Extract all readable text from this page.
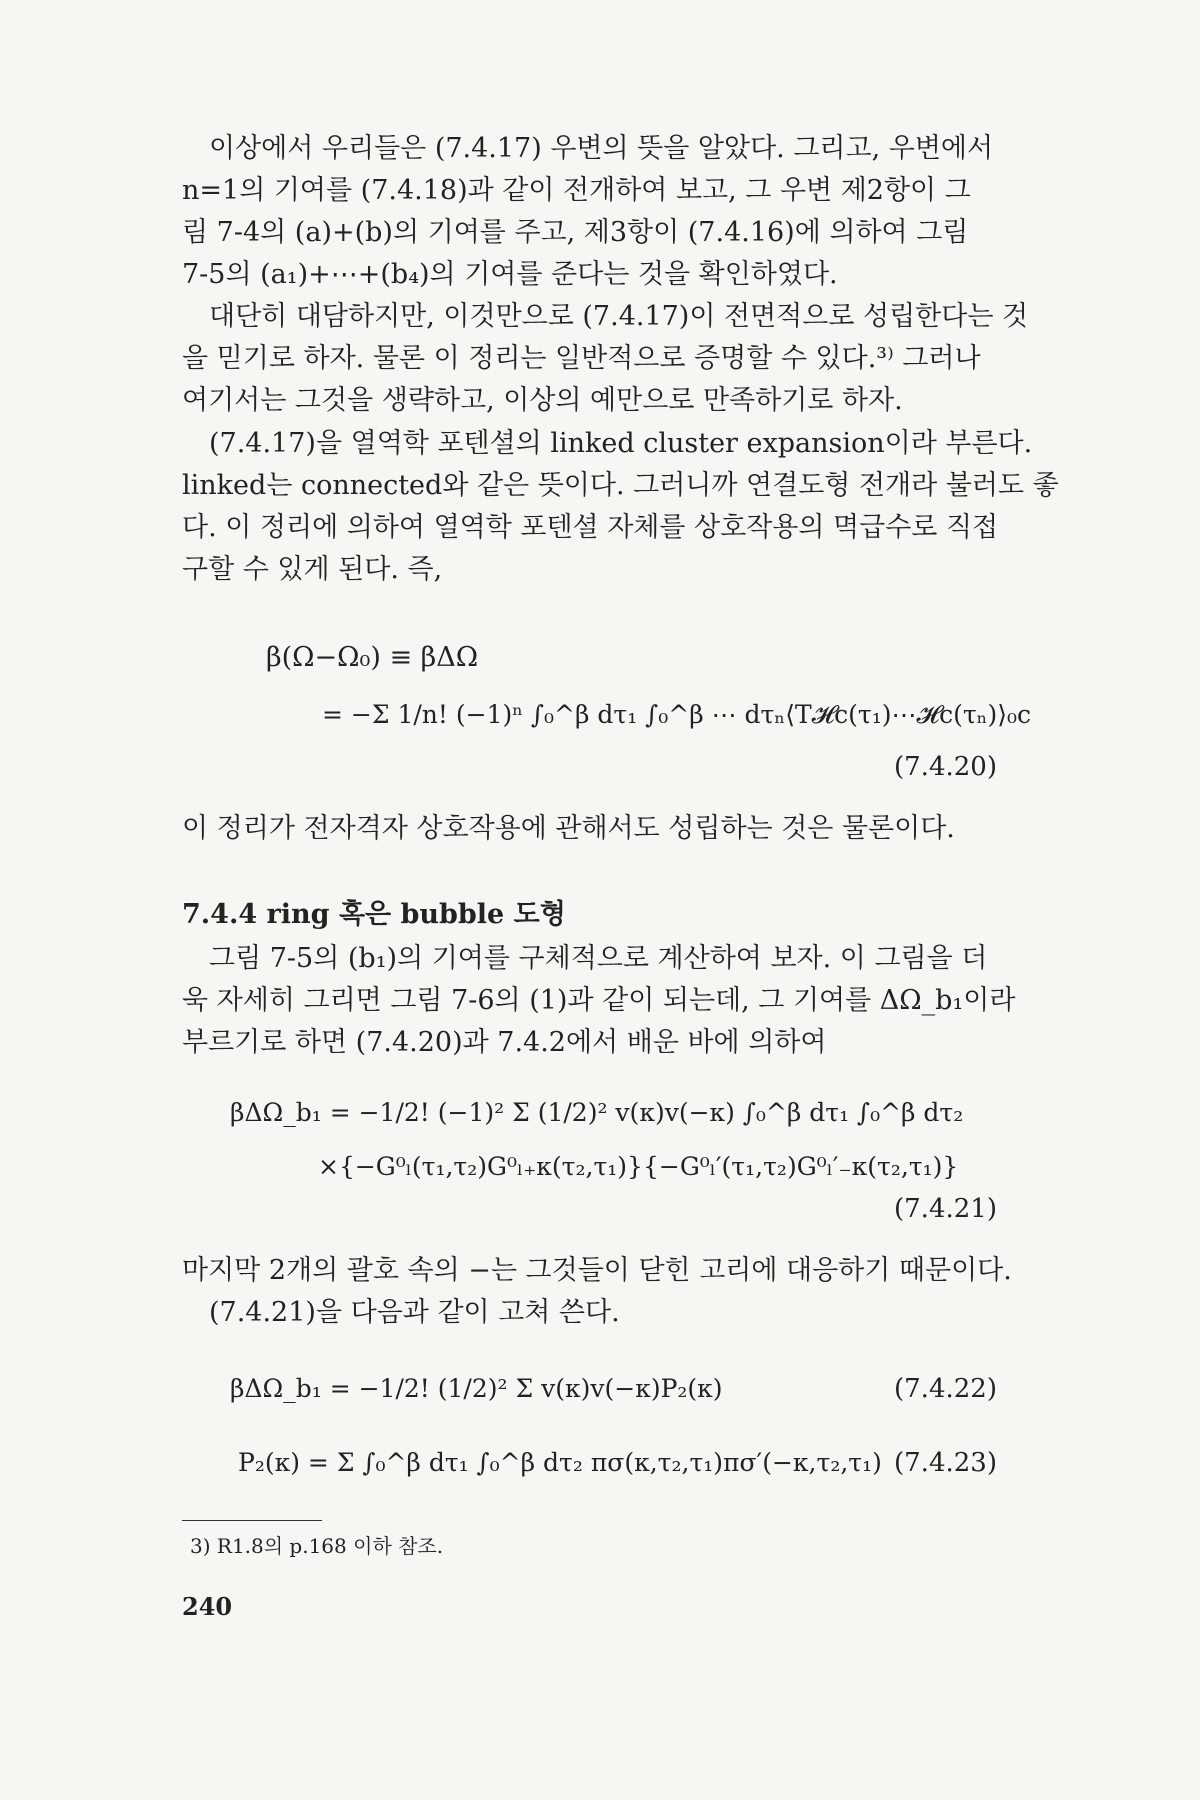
이상에서 우리들은 (7.4.17) 우변의 뜻을 알았다. 그리고, 우변에서
n=1의 기여를 (7.4.18)과 같이 전개하여 보고, 그 우변 제2항이 그
림 7-4의 (a)+(b)의 기여를 주고, 제3항이 (7.4.16)에 의하여 그림
7-5의 (a₁)+⋯+(b₄)의 기여를 준다는 것을 확인하였다.
대단히 대담하지만, 이것만으로 (7.4.17)이 전면적으로 성립한다는 것
을 믿기로 하자. 물론 이 정리는 일반적으로 증명할 수 있다.³⁾ 그러나
여기서는 그것을 생략하고, 이상의 예만으로 만족하기로 하자.
(7.4.17)을 열역학 포텐셜의 linked cluster expansion이라 부른다.
linked는 connected와 같은 뜻이다. 그러니까 연결도형 전개라 불러도 좋
다. 이 정리에 의하여 열역학 포텐셜 자체를 상호작용의 멱급수로 직접
구할 수 있게 된다. 즉,
β(Ω−Ω₀) ≡ βΔΩ
= −Σ 1/n! (−1)ⁿ ∫₀^β dτ₁ ∫₀^β ⋯ dτₙ⟨T𝓗c(τ₁)⋯𝓗c(τₙ)⟩₀c
(7.4.20)
이 정리가 전자격자 상호작용에 관해서도 성립하는 것은 물론이다.
7.4.4 ring 혹은 bubble 도형
그림 7-5의 (b₁)의 기여를 구체적으로 계산하여 보자. 이 그림을 더
욱 자세히 그리면 그림 7-6의 (1)과 같이 되는데, 그 기여를 ΔΩ_b₁이라
부르기로 하면 (7.4.20)과 7.4.2에서 배운 바에 의하여
βΔΩ_b₁ = −1/2! (−1)² Σ (1/2)² v(κ)v(−κ) ∫₀^β dτ₁ ∫₀^β dτ₂
×{−G⁰ₗ(τ₁,τ₂)G⁰ₗ₊κ(τ₂,τ₁)}{−G⁰ₗ′(τ₁,τ₂)G⁰ₗ′₋κ(τ₂,τ₁)}
(7.4.21)
마지막 2개의 괄호 속의 −는 그것들이 닫힌 고리에 대응하기 때문이다.
(7.4.21)을 다음과 같이 고쳐 쓴다.
βΔΩ_b₁ = −1/2! (1/2)² Σ v(κ)v(−κ)P₂(κ)	(7.4.22)
P₂(κ) = Σ ∫₀^β dτ₁ ∫₀^β dτ₂ πσ(κ,τ₂,τ₁)πσ′(−κ,τ₂,τ₁) (7.4.23)
3) R1.8의 p.168 이하 참조.
240
